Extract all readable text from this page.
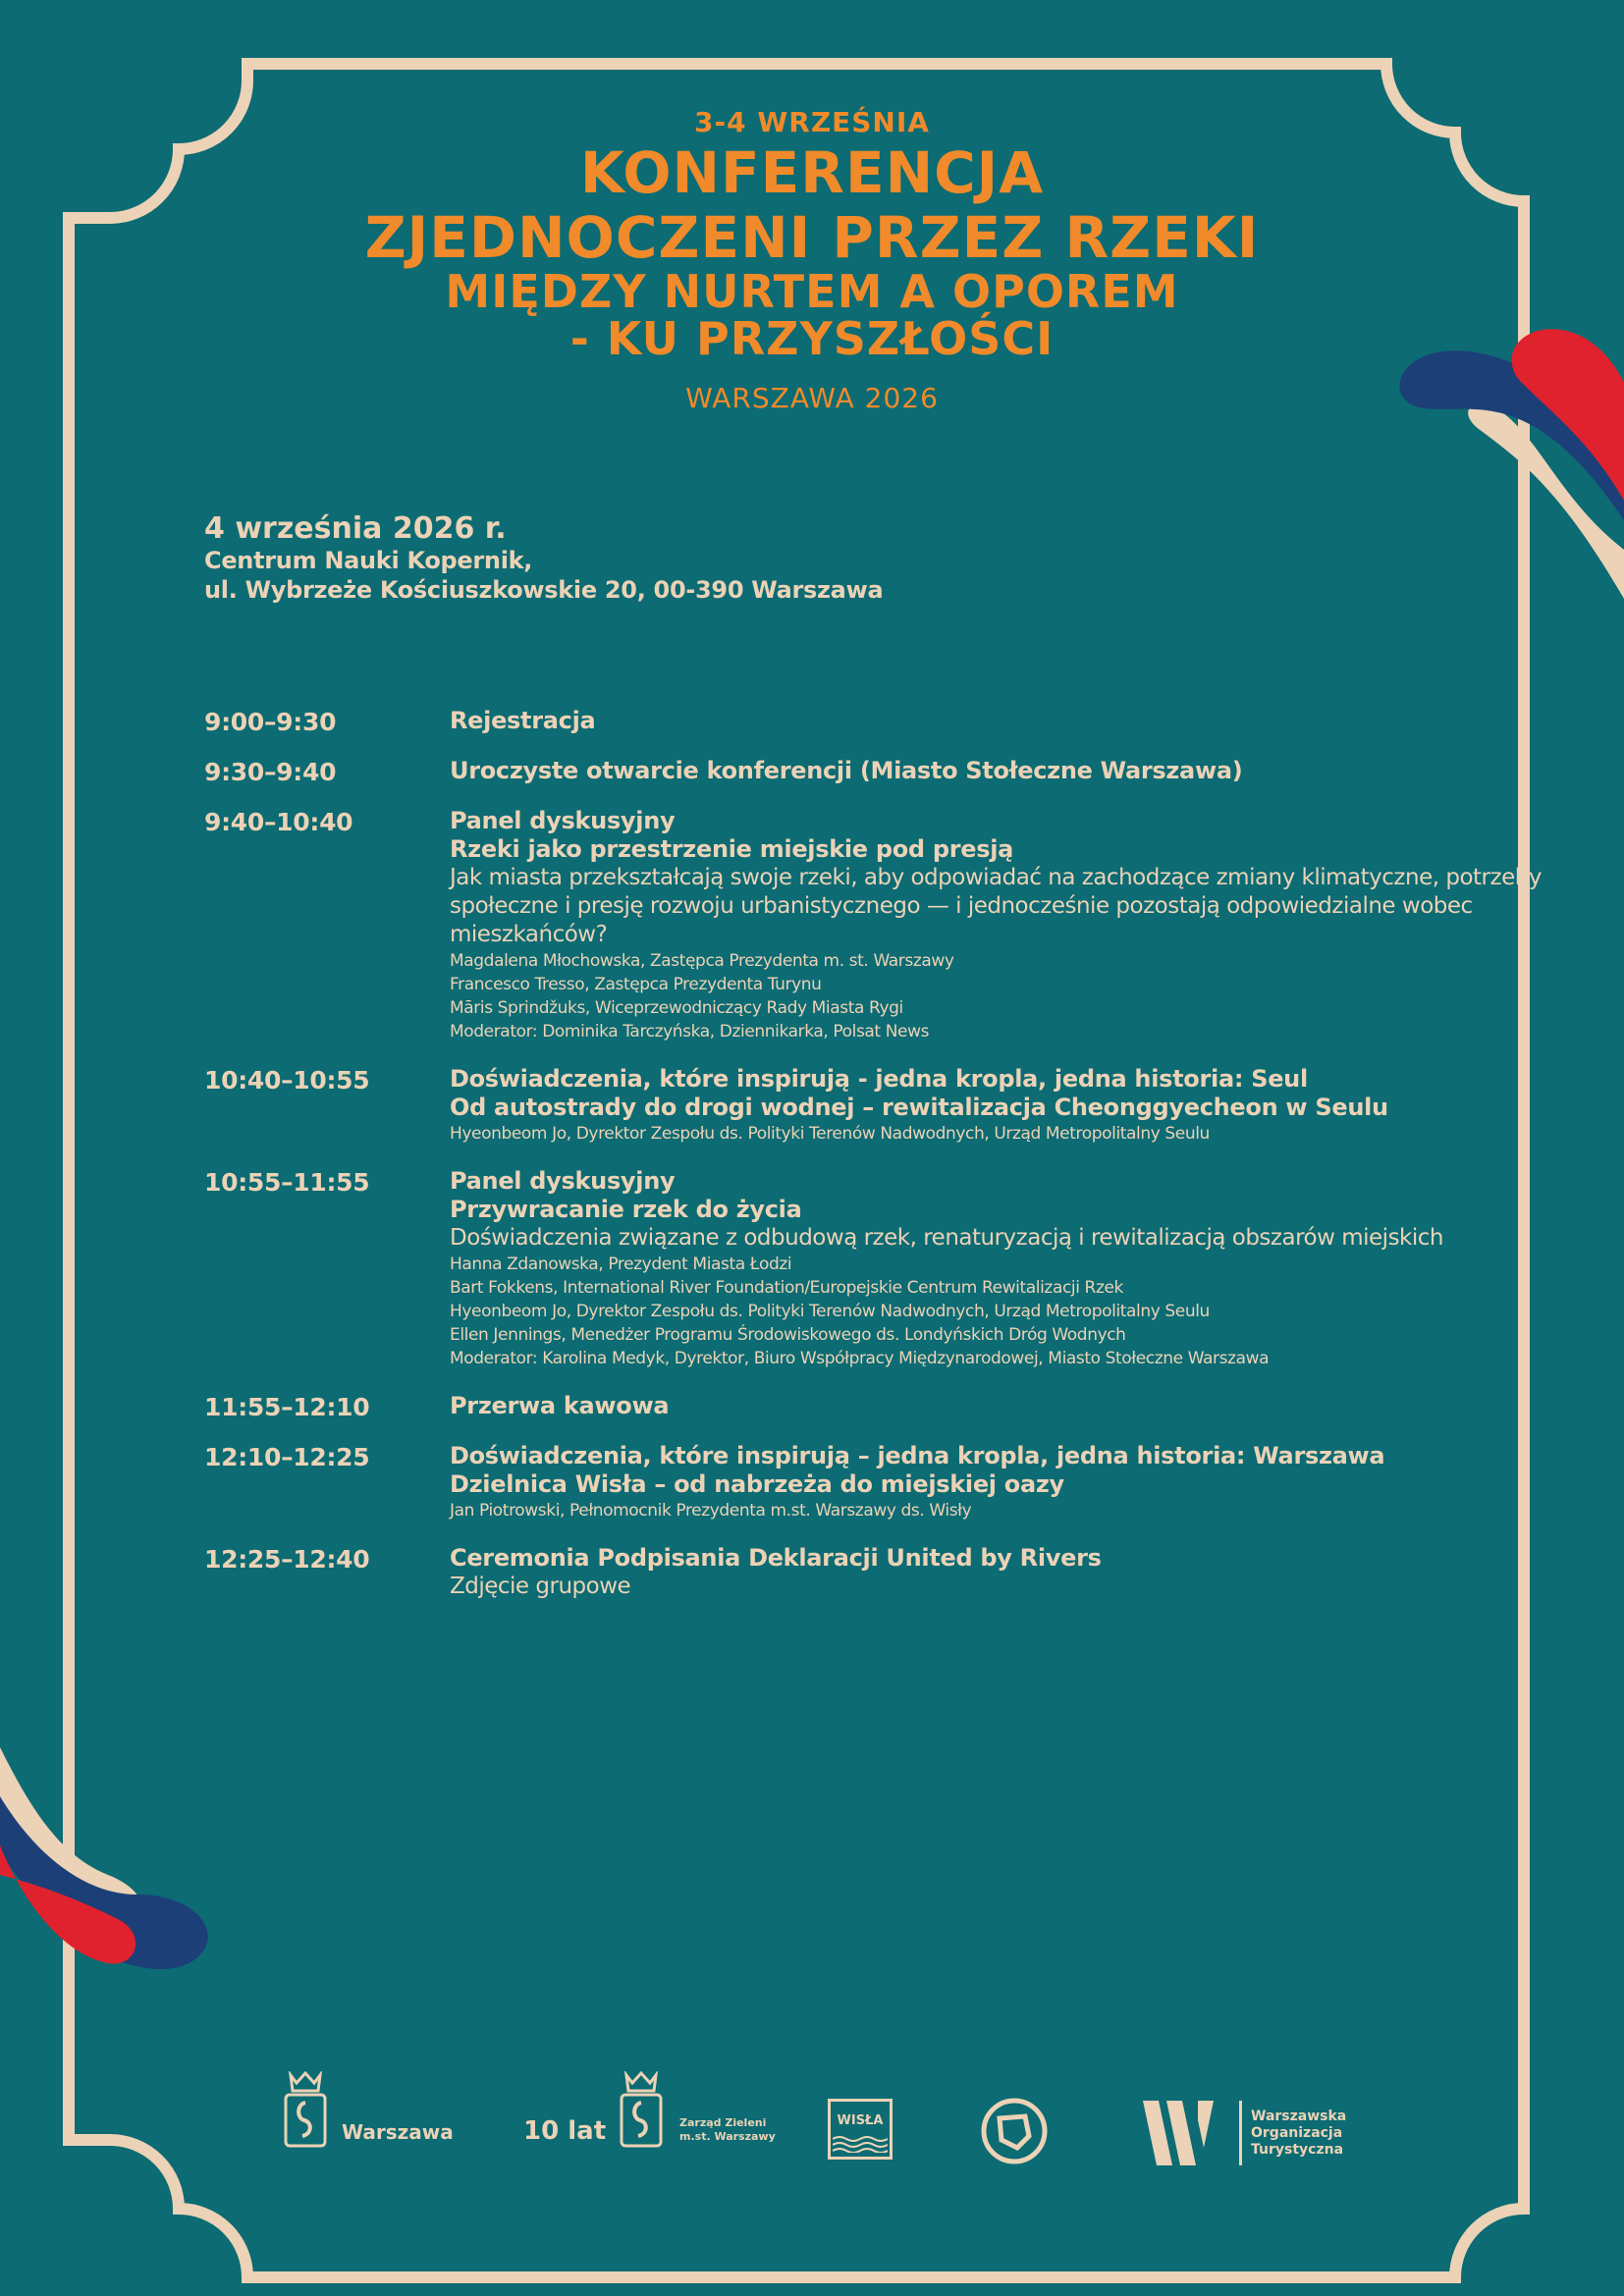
3-4 WRZEŚNIA
KONFERENCJA
ZJEDNOCZENI PRZEZ RZEKI
MIĘDZY NURTEM A OPOREM
- KU PRZYSZŁOŚCI
WARSZAWA 2026
4 września 2026 r.
Centrum Nauki Kopernik,
ul. Wybrzeże Kościuszkowskie 20, 00-390 Warszawa
9:00–9:30	Rejestracja
9:30–9:40	Uroczyste otwarcie konferencji (Miasto Stołeczne Warszawa)
9:40–10:40	Panel dyskusyjny
Rzeki jako przestrzenie miejskie pod presją
Jak miasta przekształcają swoje rzeki, aby odpowiadać na zachodzące zmiany klimatyczne, potrzeby
społeczne i presję rozwoju urbanistycznego — i jednocześnie pozostają odpowiedzialne wobec mieszkańców?
Magdalena Młochowska, Zastępca Prezydenta m. st. Warszawy
Francesco Tresso, Zastępca Prezydenta Turynu
Māris Sprindžuks, Wiceprzewodniczący Rady Miasta Rygi
Moderator: Dominika Tarczyńska, Dziennikarka, Polsat News
10:40–10:55	Doświadczenia, które inspirują - jedna kropla, jedna historia: Seul
Od autostrady do drogi wodnej – rewitalizacja Cheonggyecheon w Seulu
Hyeonbeom Jo, Dyrektor Zespołu ds. Polityki Terenów Nadwodnych, Urząd Metropolitalny Seulu
10:55–11:55	Panel dyskusyjny
Przywracanie rzek do życia
Doświadczenia związane z odbudową rzek, renaturyzacją i rewitalizacją obszarów miejskich
Hanna Zdanowska, Prezydent Miasta Łodzi
Bart Fokkens, International River Foundation/Europejskie Centrum Rewitalizacji Rzek
Hyeonbeom Jo, Dyrektor Zespołu ds. Polityki Terenów Nadwodnych, Urząd Metropolitalny Seulu
Ellen Jennings, Menedżer Programu Środowiskowego ds. Londyńskich Dróg Wodnych
Moderator: Karolina Medyk, Dyrektor, Biuro Współpracy Międzynarodowej, Miasto Stołeczne Warszawa
11:55–12:10	Przerwa kawowa
12:10–12:25	Doświadczenia, które inspirują – jedna kropla, jedna historia: Warszawa
Dzielnica Wisła – od nabrzeża do miejskiej oazy
Jan Piotrowski, Pełnomocnik Prezydenta m.st. Warszawy ds. Wisły
12:25–12:40	Ceremonia Podpisania Deklaracji United by Rivers
Zdjęcie grupowe
Warszawa	10 lat	Zarząd Zieleni
m.st. Warszawy
WISŁA	Warszawska
Organizacja
Turystyczna
